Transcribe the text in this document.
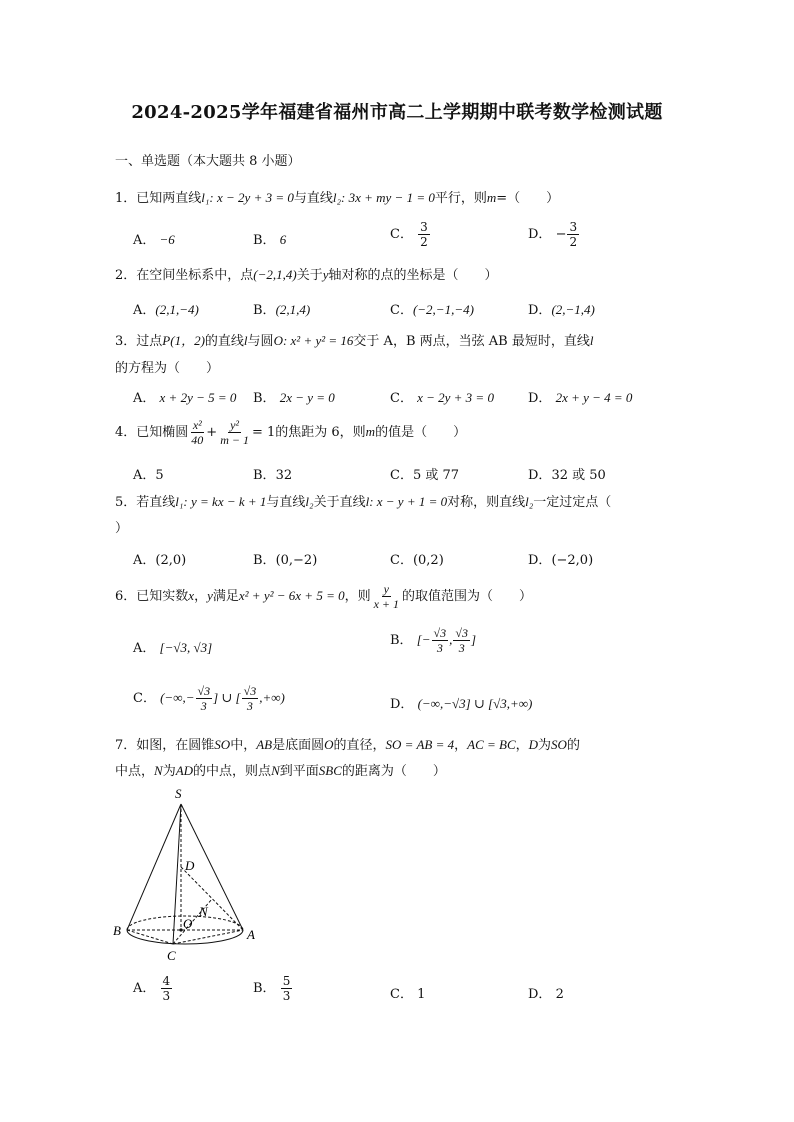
2024-2025学年福建省福州市高二上学期期中联考数学检测试题
一、单选题（本大题共 8 小题）
1．已知两直线l₁: x − 2y + 3 = 0与直线l₂: 3x + my − 1 = 0平行，则m=（　　）
A． −6	B． 6	C． $\frac{3}{2}$	D． − $\frac{3}{2}$
2．在空间坐标系中，点(−2,1,4)关于y轴对称的点的坐标是（　　）
A．(2,1,−4)	B．(2,1,4)	C．(−2,−1,−4)	D．(2,−1,4)
3．过点P(1，2)的直线l与圆O: x² + y² = 16交于 A，B 两点，当弦 AB 最短时，直线l
的方程为（　　）
A． x + 2y − 5 = 0 B． 2x − y = 0	C． x − 2y + 3 = 0	D． 2x + y − 4 = 0
4．已知椭圆 $\frac{\text{x²}}{40} + \frac{\text{y²}}{m - 1} = 1$的焦距为 6，则m的值是（　　）
A．5	B．32	C．5 或 77	D．32 或 50
5．若直线l₁: y = kx − k + 1与直线l₂关于直线l: x − y + 1 = 0对称，则直线l₂一定过定点（
）
A．(2,0)	B．(0,−2)	C．(0,2)	D．(−2,0)
6．已知实数x，y满足x² + y² − 6x + 5 = 0，则 $\frac{y}{x + 1}$ 的取值范围为（　　）
A． [−√3, √3]	B． [− $\frac{√3}{3}$ , $\frac{√3}{3}$ ]
C． (−∞,− $\frac{√3}{3}$ ] ∪ [ $\frac{√3}{3}$ ,+∞)	D． (−∞,−√3] ∪ [√3,+∞)
7．如图，在圆锥SO中，AB是底面圆O的直径，SO = AB = 4，AC = BC，D为SO的
中点，N为AD的中点，则点N到平面SBC的距离为（　　）
S
D
N
O
B	A
C
A． $\frac{4}{3}$	B． $\frac{5}{3}$	C． 1	D． 2
